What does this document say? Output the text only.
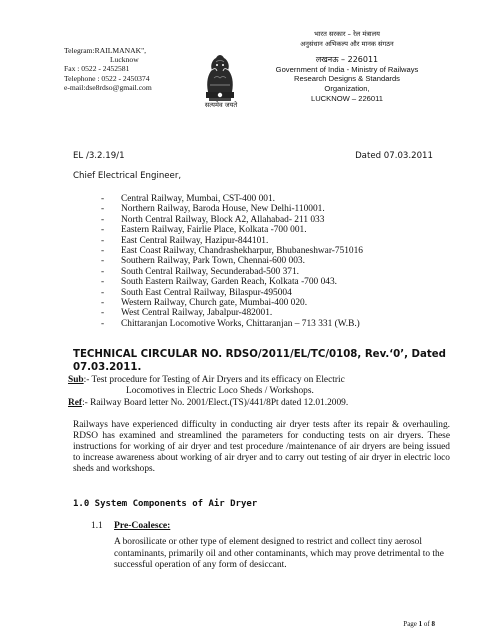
Telegram:RAILMANAK",
Lucknow
Fax : 0522 - 2452581
Telephone : 0522 - 2450374
e-mail:dse8rdso@gmail.com
सत्यमेव जयते
भारत सरकार – रेल मंत्रालय
अनुसंधान अभिकल्प और मानक संगठन
लखनऊ – 226011
Government of India - Ministry of Railways
Research Designs & Standards
Organization,
LUCKNOW – 226011
EL /3.2.19/1	Dated 07.03.2011
Chief Electrical Engineer,
- Central Railway, Mumbai, CST-400 001.
- Northern Railway, Baroda House, New Delhi-110001.
- North Central Railway, Block A2, Allahabad- 211 033
- Eastern Railway, Fairlie Place, Kolkata -700 001.
- East Central Railway, Hazipur-844101.
- East Coast Railway, Chandrashekharpur, Bhubaneshwar-751016
- Southern Railway, Park Town, Chennai-600 003.
- South Central Railway, Secunderabad-500 371.
- South Eastern Railway, Garden Reach, Kolkata -700 043.
- South East Central Railway, Bilaspur-495004
- Western Railway, Church gate, Mumbai-400 020.
- West Central Railway, Jabalpur-482001.
- Chittaranjan Locomotive Works, Chittaranjan – 713 331 (W.B.)
TECHNICAL CIRCULAR NO. RDSO/2011/EL/TC/0108, Rev.‘0’, Dated 07.03.2011.
Sub:- Test procedure for Testing of Air Dryers and its efficacy on Electric
Locomotives in Electric Loco Sheds / Workshops.
Ref:- Railway Board letter No. 2001/Elect.(TS)/441/8Pt dated 12.01.2009.
Railways have experienced difficulty in conducting air dryer tests after its repair & overhauling. RDSO has examined and streamlined the parameters for conducting tests on air dryers. These instructions for working of air dryer and test procedure /maintenance of air dryers are being issued to increase awareness about working of air dryer and to carry out testing of air dryer in electric loco sheds and workshops.
1.0 System Components of Air Dryer
1.1 Pre-Coalesce:
A borosilicate or other type of element designed to restrict and collect tiny aerosol contaminants, primarily oil and other contaminants, which may prove detrimental to the successful operation of any form of desiccant.
Page 1 of 8
